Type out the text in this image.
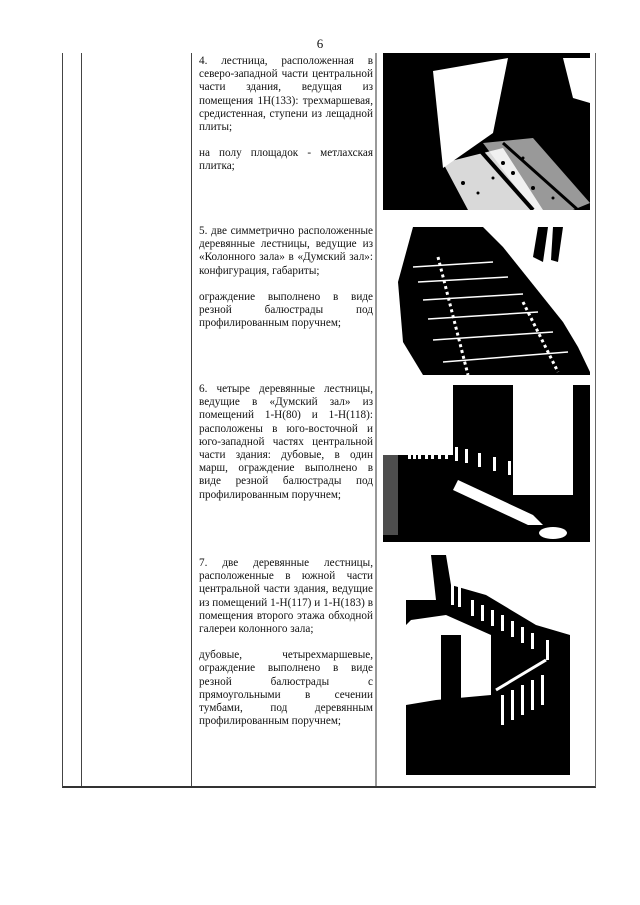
6

4. лестница, расположенная в северо-западной части центральной части здания, ведущая из помещения 1Н(133): трехмаршевая, средистенная, ступени из лещадной плиты;

на полу площадок - метлахская плитка;

5. две симметрично расположенные деревянные лестницы, ведущие из «Колонного зала» в «Думский зал»: конфигурация, габариты;

ограждение выполнено в виде резной балюстрады под профилированным поручнем;

6. четыре деревянные лестницы, ведущие в «Думский зал» из помещений 1-Н(80) и 1-Н(118): расположены в юго-восточной и юго-западной частях центральной части здания: дубовые, в один марш, ограждение выполнено в виде резной балюстрады под профилированным поручнем;

7. две деревянные лестницы, расположенные в южной части центральной части здания, ведущие из помещений 1-Н(117) и 1-Н(183) в помещения второго этажа обходной галереи колонного зала;

дубовые, четырехмаршевые, ограждение выполнено в виде резной балюстрады с прямоугольными в сечении тумбами, под деревянным профилированным поручнем;
